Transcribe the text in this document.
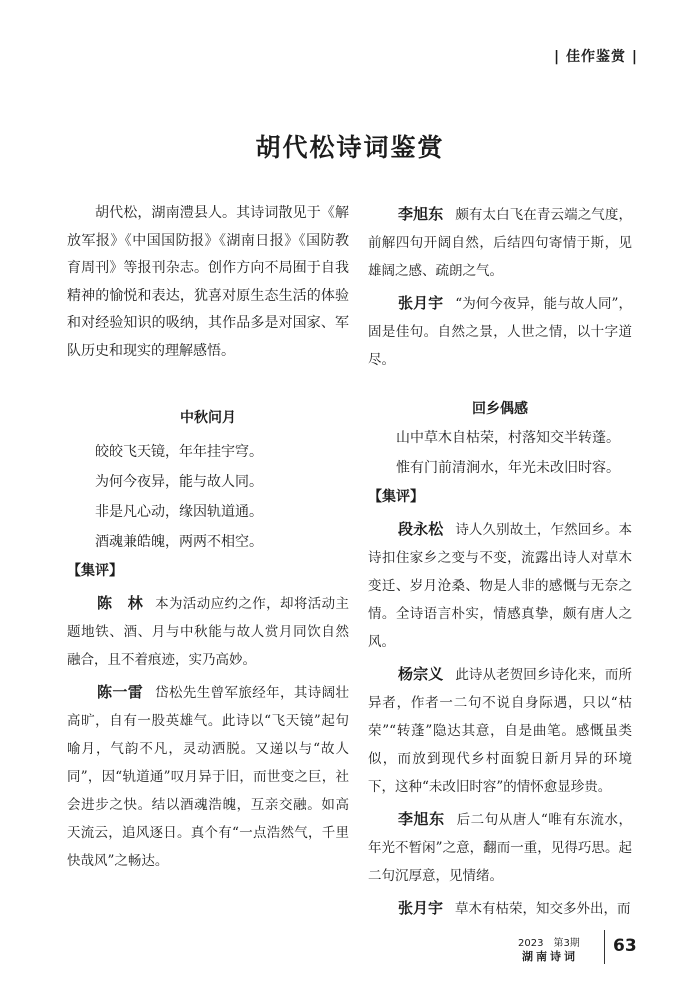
| 佳作鉴赏 |
胡代松诗词鉴赏

胡代松，湖南澧县人。其诗词散见于《解放军报》《中国国防报》《湖南日报》《国防教育周刊》等报刊杂志。创作方向不局囿于自我精神的愉悦和表达，犹喜对原生态生活的体验和对经验知识的吸纳，其作品多是对国家、军队历史和现实的理解感悟。

中秋问月
皎皎飞天镜，年年挂宇穹。
为何今夜异，能与故人同。
非是凡心动，缘因轨道通。
酒魂兼皓魄，两两不相空。
【集评】

陈　林 本为活动应约之作，却将活动主题地铁、酒、月与中秋能与故人赏月同饮自然融合，且不着痕迹，实乃高妙。

陈一雷 岱松先生曾军旅经年，其诗阔壮高旷，自有一股英雄气。此诗以“飞天镜”起句喻月，气韵不凡，灵动洒脱。又递以与“故人同”，因“轨道通”叹月异于旧，而世变之巨，社会进步之快。结以酒魂浩魄，互亲交融。如高天流云，追风逐日。真个有“一点浩然气，千里快哉风”之畅达。

李旭东 颇有太白飞在青云端之气度，前解四句开阔自然，后结四句寄情于斯，见雄阔之感、疏朗之气。

张月宇 “为何今夜异，能与故人同”，固是佳句。自然之景，人世之情，以十字道尽。

回乡偶感
山中草木自枯荣，村落知交半转蓬。
惟有门前清涧水，年光未改旧时容。
【集评】

段永松 诗人久别故土，乍然回乡。本诗扣住家乡之变与不变，流露出诗人对草木变迁、岁月沧桑、物是人非的感慨与无奈之情。全诗语言朴实，情感真挚，颇有唐人之风。

杨宗义 此诗从老贺回乡诗化来，而所异者，作者一二句不说自身际遇，只以“枯荣”“转蓬”隐达其意，自是曲笔。感慨虽类似，而放到现代乡村面貌日新月异的环境下，这种“未改旧时容”的情怀愈显珍贵。

李旭东 后二句从唐人“唯有东流水，年光不暂闲”之意，翻而一重，见得巧思。起二句沉厚意，见情绪。

张月宇 草木有枯荣，知交多外出，而

2023　第3期
湖南诗词
63
